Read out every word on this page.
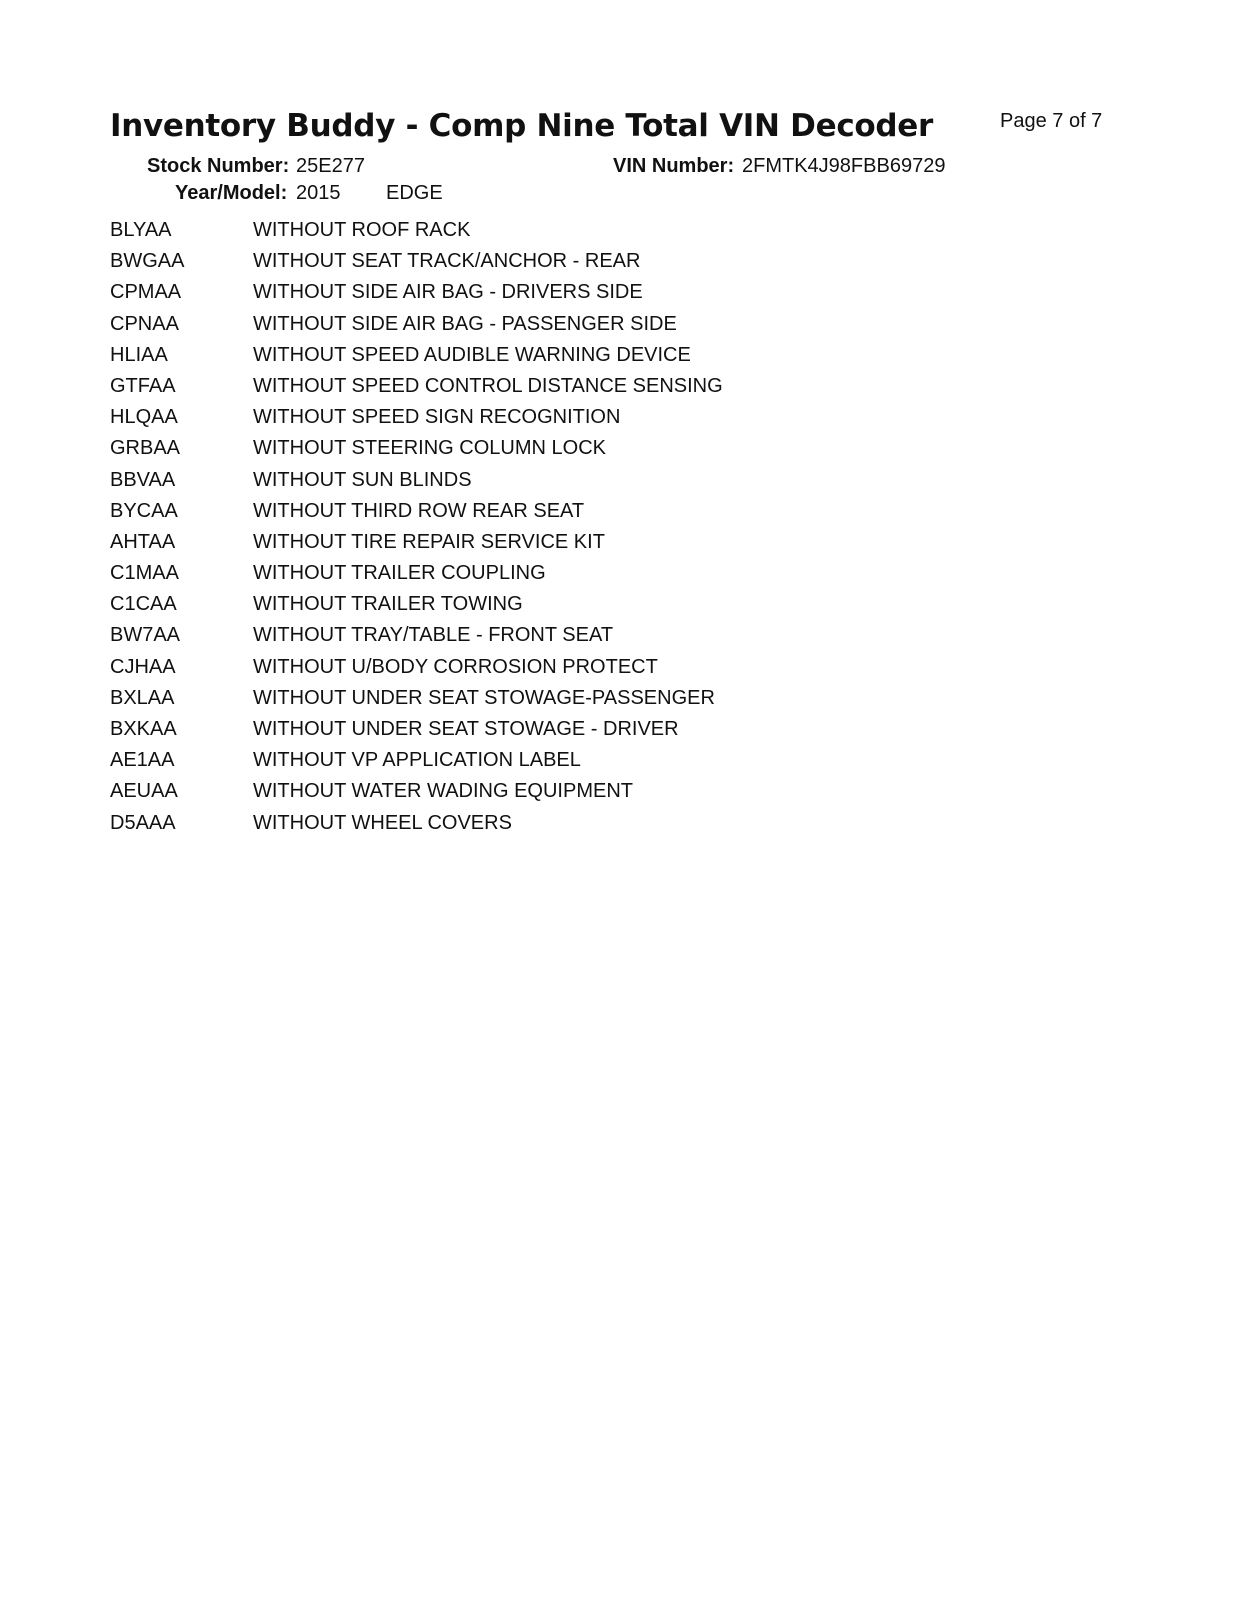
Inventory Buddy - Comp Nine Total VIN Decoder	Page 7 of 7
Stock Number: 25E277	VIN Number: 2FMTK4J98FBB69729
Year/Model: 2015 EDGE
BLYAA	WITHOUT ROOF RACK
BWGAA	WITHOUT SEAT TRACK/ANCHOR - REAR
CPMAA	WITHOUT SIDE AIR BAG - DRIVERS SIDE
CPNAA	WITHOUT SIDE AIR BAG - PASSENGER SIDE
HLIAA	WITHOUT SPEED AUDIBLE WARNING DEVICE
GTFAA	WITHOUT SPEED CONTROL DISTANCE SENSING
HLQAA	WITHOUT SPEED SIGN RECOGNITION
GRBAA	WITHOUT STEERING COLUMN LOCK
BBVAA	WITHOUT SUN BLINDS
BYCAA	WITHOUT THIRD ROW REAR SEAT
AHTAA	WITHOUT TIRE REPAIR SERVICE KIT
C1MAA	WITHOUT TRAILER COUPLING
C1CAA	WITHOUT TRAILER TOWING
BW7AA	WITHOUT TRAY/TABLE - FRONT SEAT
CJHAA	WITHOUT U/BODY CORROSION PROTECT
BXLAA	WITHOUT UNDER SEAT STOWAGE-PASSENGER
BXKAA	WITHOUT UNDER SEAT STOWAGE - DRIVER
AE1AA	WITHOUT VP APPLICATION LABEL
AEUAA	WITHOUT WATER WADING EQUIPMENT
D5AAA	WITHOUT WHEEL COVERS
